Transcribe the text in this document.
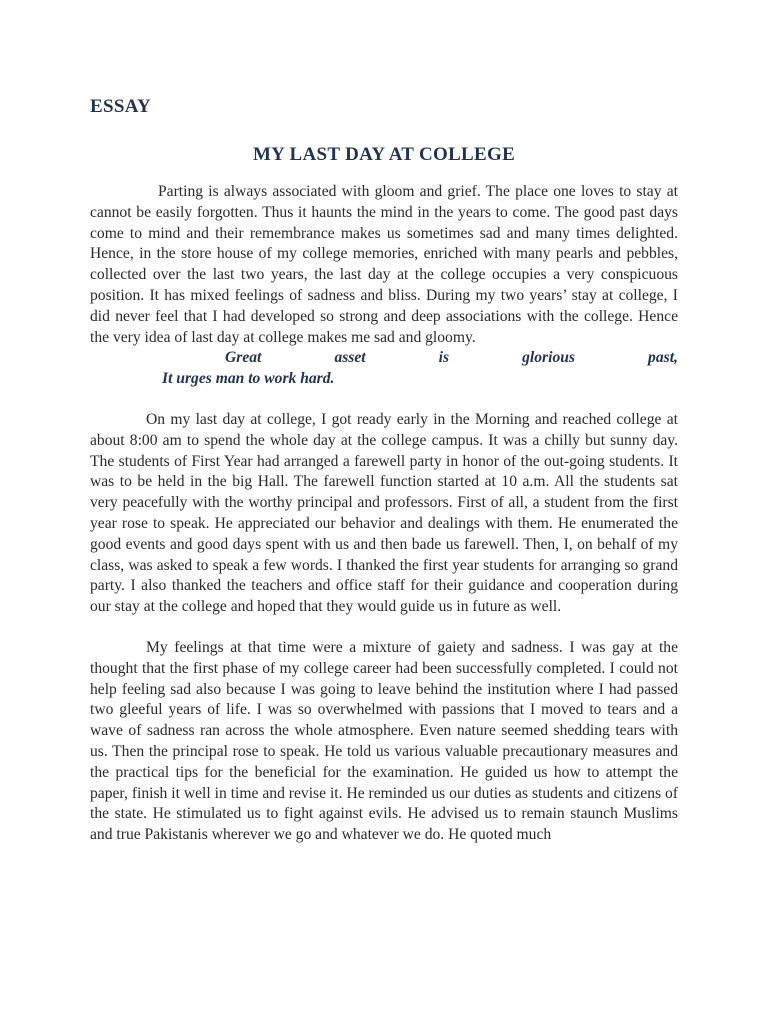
ESSAY
MY LAST DAY AT COLLEGE

Parting is always associated with gloom and grief. The place one loves to stay at cannot be easily forgotten. Thus it haunts the mind in the years to come. The good past days come to mind and their remembrance makes us sometimes sad and many times delighted. Hence, in the store house of my college memories, enriched with many pearls and pebbles, collected over the last two years, the last day at the college occupies a very conspicuous position. It has mixed feelings of sadness and bliss. During my two years’ stay at college, I did never feel that I had developed so strong and deep associations with the college. Hence the very idea of last day at college makes me sad and gloomy.

Great	asset	is	glorious	past,
It urges man to work hard.

On my last day at college, I got ready early in the Morning and reached college at about 8:00 am to spend the whole day at the college campus. It was a chilly but sunny day. The students of First Year had arranged a farewell party in honor of the out-going students. It was to be held in the big Hall. The farewell function started at 10 a.m. All the students sat very peacefully with the worthy principal and professors. First of all, a student from the first year rose to speak. He appreciated our behavior and dealings with them. He enumerated the good events and good days spent with us and then bade us farewell. Then, I, on behalf of my class, was asked to speak a few words. I thanked the first year students for arranging so grand party. I also thanked the teachers and office staff for their guidance and cooperation during our stay at the college and hoped that they would guide us in future as well.

My feelings at that time were a mixture of gaiety and sadness. I was gay at the thought that the first phase of my college career had been successfully completed. I could not help feeling sad also because I was going to leave behind the institution where I had passed two gleeful years of life. I was so overwhelmed with passions that I moved to tears and a wave of sadness ran across the whole atmosphere. Even nature seemed shedding tears with us. Then the principal rose to speak. He told us various valuable precautionary measures and the practical tips for the beneficial for the examination. He guided us how to attempt the paper, finish it well in time and revise it. He reminded us our duties as students and citizens of the state. He stimulated us to fight against evils. He advised us to remain staunch Muslims and true Pakistanis wherever we go and whatever we do. He quoted much
